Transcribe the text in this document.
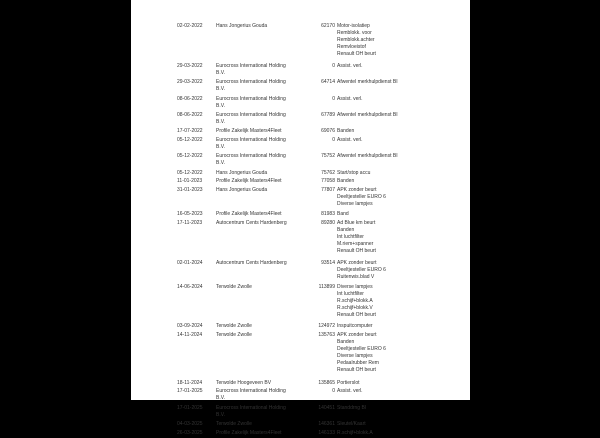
02-02-2022	Hans Jongerius Gouda	62170 Motor-isolatiep
Remblokk. voor
Remblokk.achter
Remvloeistof
Renault OH beurt
29-03-2022	Eurocross International Holding
B.V.
0 Assist. verl.
29-03-2022	Eurocross International Holding
B.V.
64714 Afwentel merkhulpdienst BI
08-06-2022	Eurocross International Holding
B.V.
0 Assist. verl.
08-06-2022	Eurocross International Holding
B.V.
67789 Afwentel merkhulpdienst BI
17-07-2022	Profile Zakelijk Masters4Fleet	69076 Banden
05-12-2022	Eurocross International Holding
B.V.
0 Assist. verl.
05-12-2022	Eurocross International Holding
B.V.
75752 Afwentel merkhulpdienst BI
05-12-2022	Hans Jongerius Gouda	75762 Start/stop accu
11-01-2023	Profile Zakelijk Masters4Fleet	77058 Banden
31-01-2023	Hans Jongerius Gouda	77807 APK zonder beurt
Deeltjesteller EURO 6
Diverse lampjes
16-05-2023	Profile Zakelijk Masters4Fleet	81983 Band
17-11-2023	Autocentrum Cents Hardenberg	89280 Ad Blue km beurt
Banden
Int luchtfilter
M.riem+spanner
Renault OH beurt
02-01-2024	Autocentrum Cents Hardenberg	93514 APK zonder beurt
Deeltjesteller EURO 6
Ruitenwis.blad V
14-06-2024	Terwolde Zwolle	113899 Diverse lampjes
Int luchtfilter
R.schijf+blokk.A
R.schijf+blokk.V
Renault OH beurt
03-09-2024	Terwolde Zwolle	124972 Inspuitcomputer
14-11-2024	Terwolde Zwolle	135763 APK zonder beurt
Banden
Deeltjesteller EURO 6
Diverse lampjes
Pedaalrubber Rem
Renault OH beurt
18-11-2024	Terwolde Hoogeveen BV	135865 Portierslot
17-01-2025	Eurocross International Holding
B.V.
0 Assist. verl.
17-01-2025	Eurocross International Holding
B.V.
140451 Standdrng Bl
04-03-2025	Terwolde Zwolle	146361 Sleutel/Kaart
26-03-2025	Profile Zakelijk Masters4Fleet	146133 R.schijf+blokk.A
